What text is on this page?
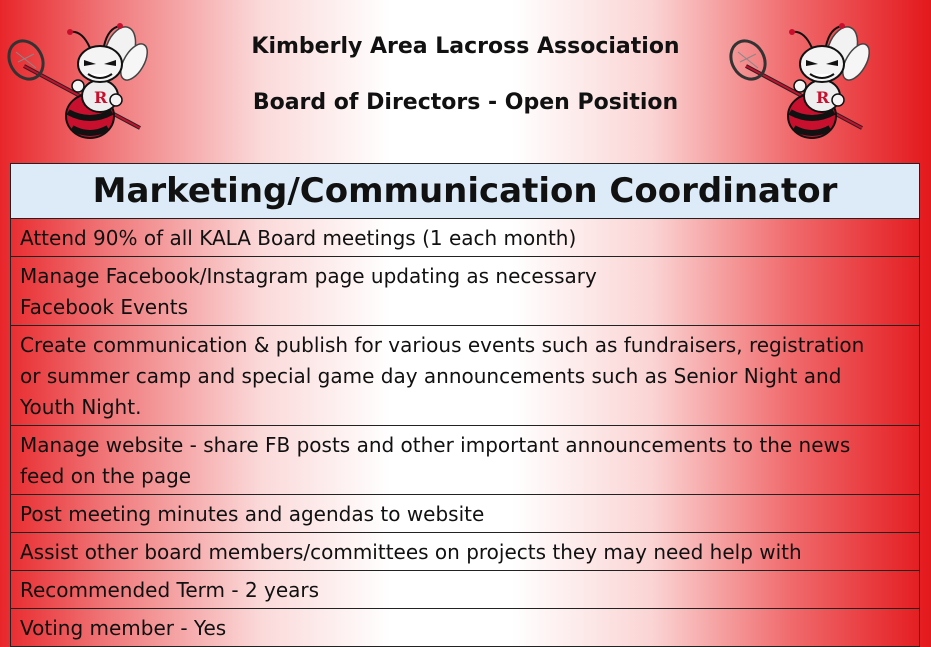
R
Kimberly Area Lacross Association
Board of Directors - Open Position	R
Marketing/Communication Coordinator
Attend 90% of all KALA Board meetings (1 each month)
Manage Facebook/Instagram page updating as necessary
Facebook Events
Create communication & publish for various events such as fundraisers, registration
or summer camp and special game day announcements such as Senior Night and
Youth Night.
Manage website - share FB posts and other important announcements to the news
feed on the page
Post meeting minutes and agendas to website
Assist other board members/committees on projects they may need help with
Recommended Term - 2 years
Voting member - Yes
